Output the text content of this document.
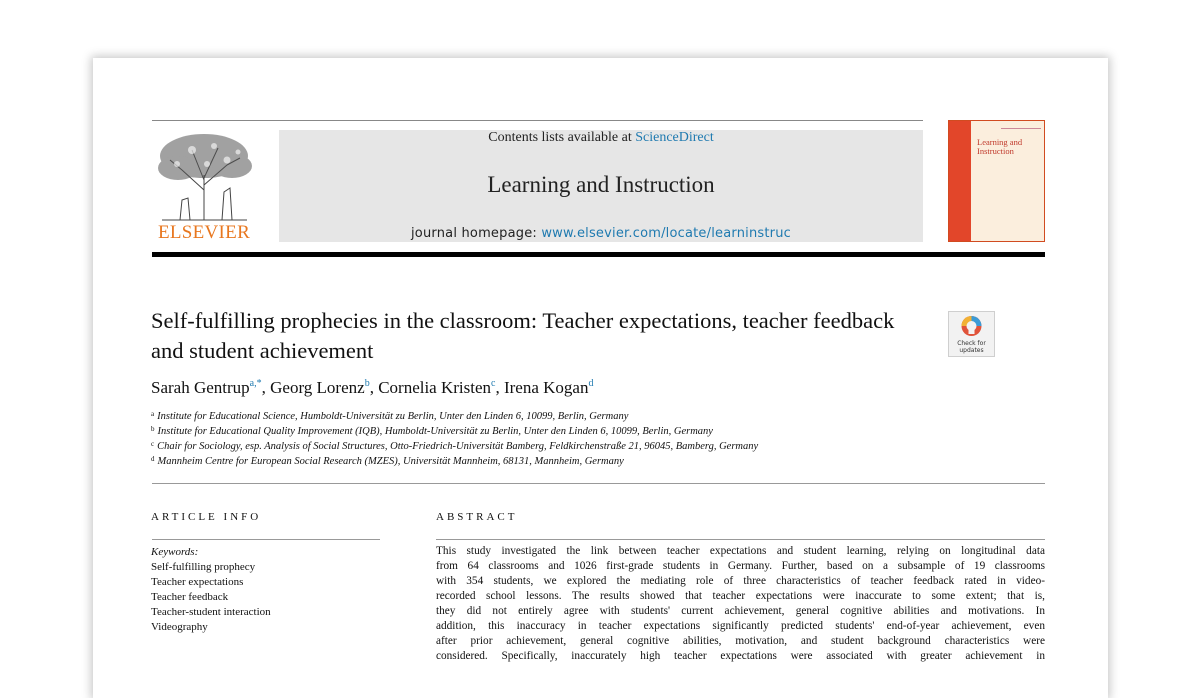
ELSEVIER
Contents lists available at ScienceDirect
Learning and Instruction
journal homepage: www.elsevier.com/locate/learninstruc
Learning and Instruction
Self-fulfilling prophecies in the classroom: Teacher expectations, teacher feedback and student achievement	Check for updates
Sarah Gentrup$^{a,*}$, Georg Lorenz$^b$, Cornelia Kristen$^c$, Irena Kogan$^d$
$^a$ Institute for Educational Science, Humboldt-Universität zu Berlin, Unter den Linden 6, 10099, Berlin, Germany
$^b$ Institute for Educational Quality Improvement (IQB), Humboldt-Universität zu Berlin, Unter den Linden 6, 10099, Berlin, Germany
$^c$ Chair for Sociology, esp. Analysis of Social Structures, Otto-Friedrich-Universität Bamberg, Feldkirchenstraße 21, 96045, Bamberg, Germany
$^d$ Mannheim Centre for European Social Research (MZES), Universität Mannheim, 68131, Mannheim, Germany
ARTICLE INFO
Keywords:
Self-fulfilling prophecy
Teacher expectations
Teacher feedback
Teacher-student interaction
Videography
ABSTRACT
This study investigated the link between teacher expectations and student learning, relying on longitudinal data
from 64 classrooms and 1026 first-grade students in Germany. Further, based on a subsample of 19 classrooms
with 354 students, we explored the mediating role of three characteristics of teacher feedback rated in video-
recorded school lessons. The results showed that teacher expectations were inaccurate to some extent; that is,
they did not entirely agree with students' current achievement, general cognitive abilities and motivations. In
addition, this inaccuracy in teacher expectations significantly predicted students' end-of-year achievement, even
after prior achievement, general cognitive abilities, motivation, and student background characteristics were
considered. Specifically, inaccurately high teacher expectations were associated with greater achievement in
